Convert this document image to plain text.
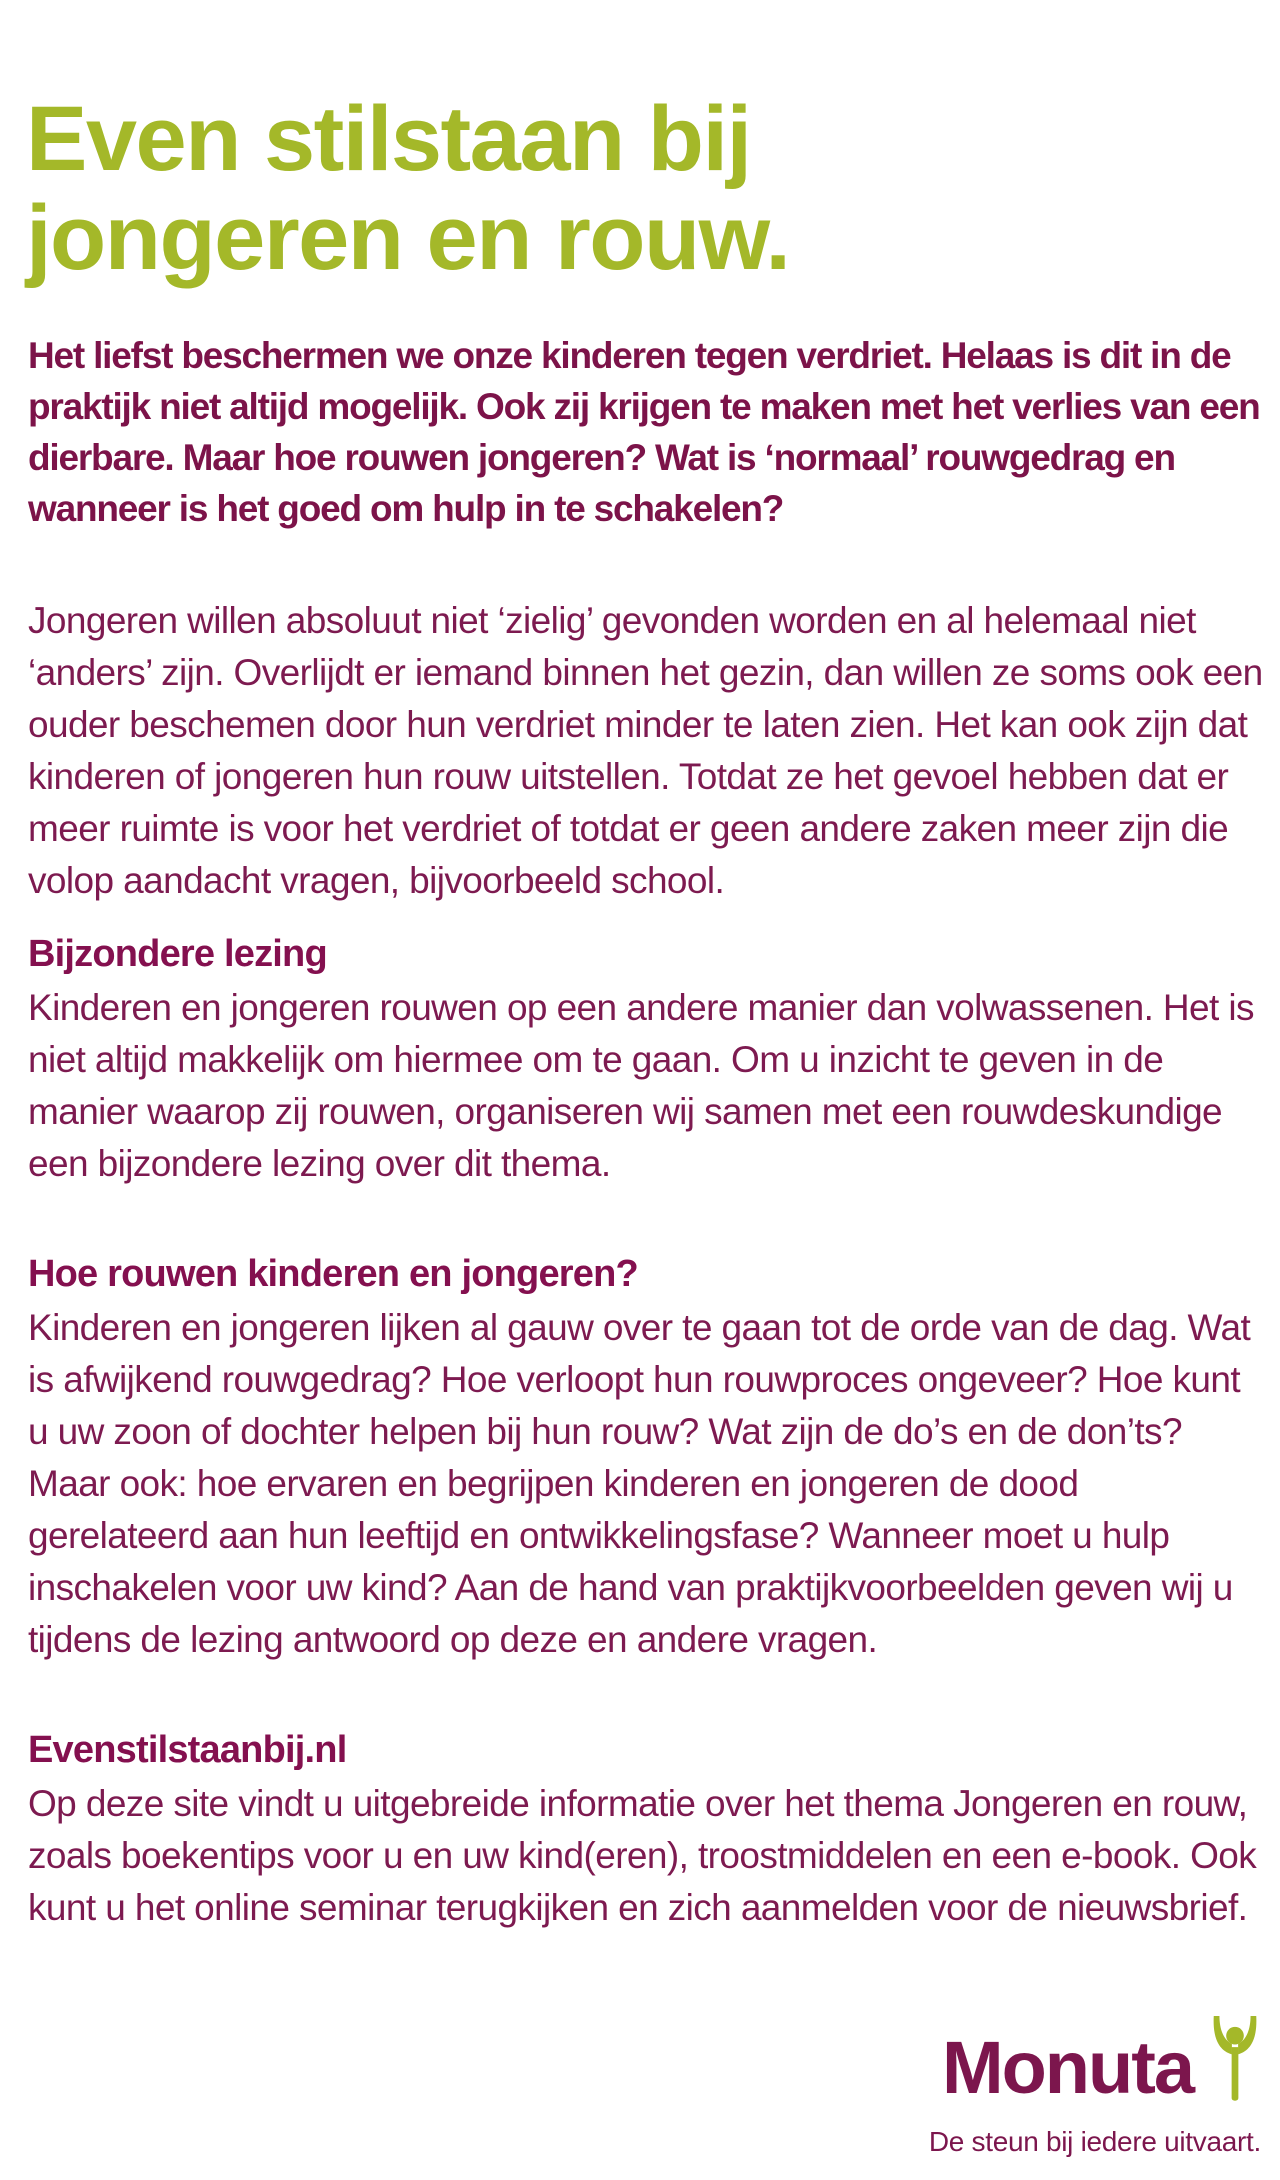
Even stilstaan bij
jongeren en rouw.

Het liefst beschermen we onze kinderen tegen verdriet. Helaas is dit in de praktijk niet altijd mogelijk. Ook zij krijgen te maken met het verlies van een dierbare. Maar hoe rouwen jongeren? Wat is ‘normaal’ rouwgedrag en wanneer is het goed om hulp in te schakelen?

Jongeren willen absoluut niet ‘zielig’ gevonden worden en al helemaal niet ‘anders’ zijn. Overlijdt er iemand binnen het gezin, dan willen ze soms ook een ouder beschemen door hun verdriet minder te laten zien. Het kan ook zijn dat kinderen of jongeren hun rouw uitstellen. Totdat ze het gevoel hebben dat er meer ruimte is voor het verdriet of totdat er geen andere zaken meer zijn die volop aandacht vragen, bijvoorbeeld school.

Bijzondere lezing
Kinderen en jongeren rouwen op een andere manier dan volwassenen. Het is niet altijd makkelijk om hiermee om te gaan. Om u inzicht te geven in de manier waarop zij rouwen, organiseren wij samen met een rouwdeskundige een bijzondere lezing over dit thema.
Hoe rouwen kinderen en jongeren?
Kinderen en jongeren lijken al gauw over te gaan tot de orde van de dag. Wat is afwijkend rouwgedrag? Hoe verloopt hun rouwproces ongeveer? Hoe kunt u uw zoon of dochter helpen bij hun rouw? Wat zijn de do’s en de don’ts? Maar ook: hoe ervaren en begrijpen kinderen en jongeren de dood gerelateerd aan hun leeftijd en ontwikkelingsfase? Wanneer moet u hulp inschakelen voor uw kind? Aan de hand van praktijkvoorbeelden geven wij u tijdens de lezing antwoord op deze en andere vragen.
Evenstilstaanbij.nl
Op deze site vindt u uitgebreide informatie over het thema Jongeren en rouw, zoals boekentips voor u en uw kind(eren), troostmiddelen en een e-book. Ook kunt u het online seminar terugkijken en zich aanmelden voor de nieuwsbrief.
Monuta
De steun bij iedere uitvaart.
